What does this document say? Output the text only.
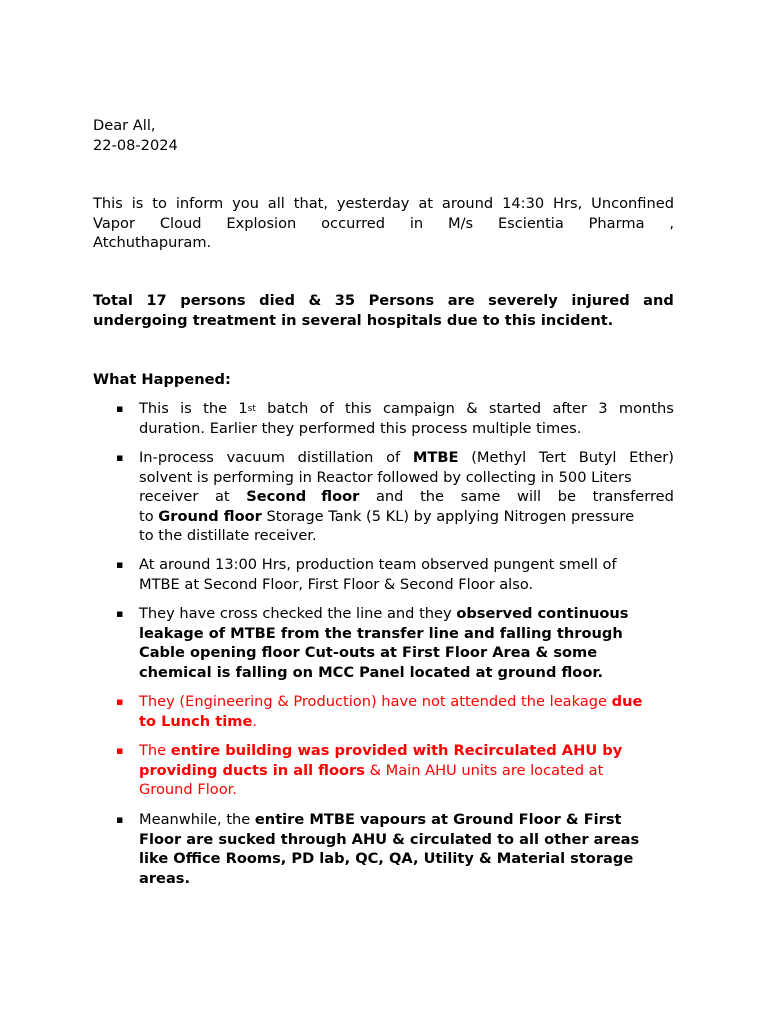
Dear All,
22-08-2024
This is to inform you all that, yesterday at around 14:30 Hrs, Unconfined
Vapor Cloud Explosion occurred in M/s Escientia Pharma ,
Atchuthapuram.
Total 17 persons died & 35 Persons are severely injured and
undergoing treatment in several hospitals due to this incident.
What Happened:
▪ This is the 1st batch of this campaign & started after 3 months
duration. Earlier they performed this process multiple times.
▪ In-process vacuum distillation of MTBE (Methyl Tert Butyl Ether)
solvent is performing in Reactor followed by collecting in 500 Liters
receiver at Second floor and the same will be transferred
to Ground floor Storage Tank (5 KL) by applying Nitrogen pressure
to the distillate receiver.
▪ At around 13:00 Hrs, production team observed pungent smell of
MTBE at Second Floor, First Floor & Second Floor also.
▪ They have cross checked the line and they observed continuous
leakage of MTBE from the transfer line and falling through
Cable opening floor Cut-outs at First Floor Area & some
chemical is falling on MCC Panel located at ground floor.
▪ They (Engineering & Production) have not attended the leakage due
to Lunch time.
▪ The entire building was provided with Recirculated AHU by
providing ducts in all floors & Main AHU units are located at
Ground Floor.
▪ Meanwhile, the entire MTBE vapours at Ground Floor & First
Floor are sucked through AHU & circulated to all other areas
like Office Rooms, PD lab, QC, QA, Utility & Material storage
areas.
